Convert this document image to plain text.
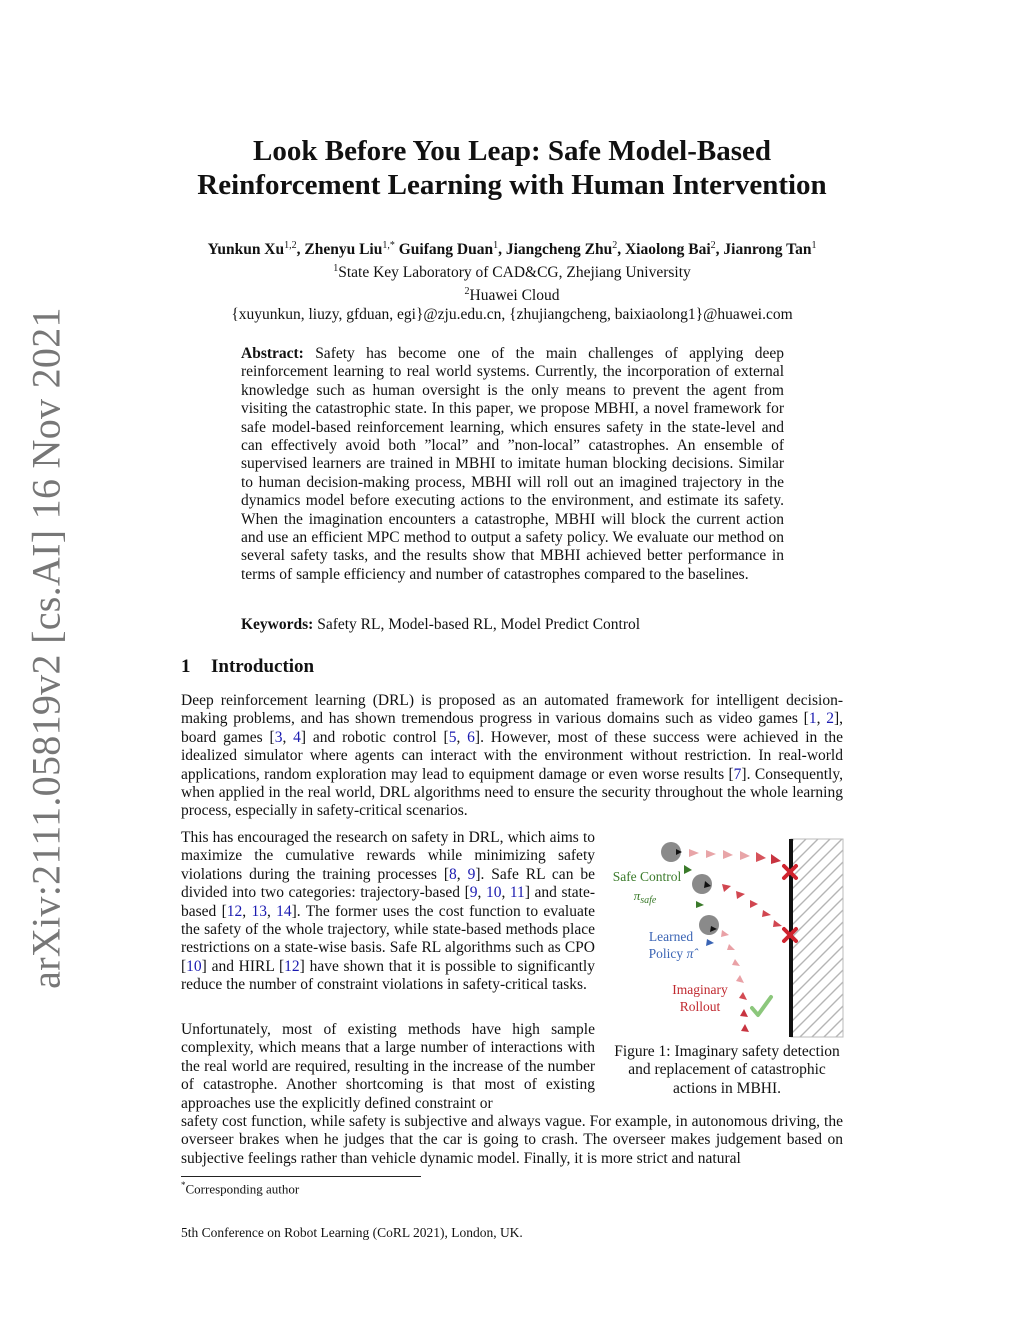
arXiv:2111.05819v2 [cs.AI] 16 Nov 2021
Look Before You Leap: Safe Model-Based
Reinforcement Learning with Human Intervention
Yunkun Xu$^{1,2}$, Zhenyu Liu$^{1,*}$ Guifang Duan$^1$, Jiangcheng Zhu$^2$, Xiaolong Bai$^2$, Jianrong Tan$^1$
$^1$State Key Laboratory of CAD&CG, Zhejiang University
$^2$Huawei Cloud
{xuyunkun, liuzy, gfduan, egi}@zju.edu.cn, {zhujiangcheng, baixiaolong1}@huawei.com
Abstract: Safety has become one of the main challenges of applying deep reinforcement learning to real world systems. Currently, the incorporation of external knowledge such as human oversight is the only means to prevent the agent from visiting the catastrophic state. In this paper, we propose MBHI, a novel framework for safe model-based reinforcement learning, which ensures safety in the state-level and can effectively avoid both ”local” and ”non-local” catastrophes. An ensemble of supervised learners are trained in MBHI to imitate human blocking decisions. Similar to human decision-making process, MBHI will roll out an imagined trajectory in the dynamics model before executing actions to the environment, and estimate its safety. When the imagination encounters a catastrophe, MBHI will block the current action and use an efficient MPC method to output a safety policy. We evaluate our method on several safety tasks, and the results show that MBHI achieved better performance in terms of sample efficiency and number of catastrophes compared to the baselines.
Keywords: Safety RL, Model-based RL, Model Predict Control
1 Introduction
Deep reinforcement learning (DRL) is proposed as an automated framework for intelligent decision-making problems, and has shown tremendous progress in various domains such as video games [1, 2], board games [3, 4] and robotic control [5, 6]. However, most of these success were achieved in the idealized simulator where agents can interact with the environment without restriction. In real-world applications, random exploration may lead to equipment damage or even worse results [7]. Consequently, when applied in the real world, DRL algorithms need to ensure the security throughout the whole learning process, especially in safety-critical scenarios.
This has encouraged the research on safety in DRL, which aims to maximize the cumulative rewards while minimizing safety violations during the training processes [8, 9]. Safe RL can be divided into two categories: trajectory-based [9, 10, 11] and state-based [12, 13, 14]. The former uses the cost function to evaluate the safety of the whole trajectory, while state-based methods place restrictions on a state-wise basis. Safe RL algorithms such as CPO [10] and HIRL [12] have shown that it is possible to significantly reduce the number of constraint violations in safety-critical tasks.
Unfortunately, most of existing methods have high sample complexity, which means that a large number of interactions with the real world are required, resulting in the increase of the number of catastrophe. Another shortcoming is that most of existing approaches use the explicitly defined constraint or
safety cost function, while safety is subjective and always vague. For example, in autonomous driving, the overseer brakes when he judges that the car is going to crash. The overseer makes judgement based on subjective feelings rather than vehicle dynamic model. Finally, it is more strict and natural
Safe Control
$\pi_{safe}$
Learned
Policy π̂
Imaginary
Rollout
Figure 1: Imaginary safety detection and replacement of catastrophic actions in MBHI.
*Corresponding author
5th Conference on Robot Learning (CoRL 2021), London, UK.
